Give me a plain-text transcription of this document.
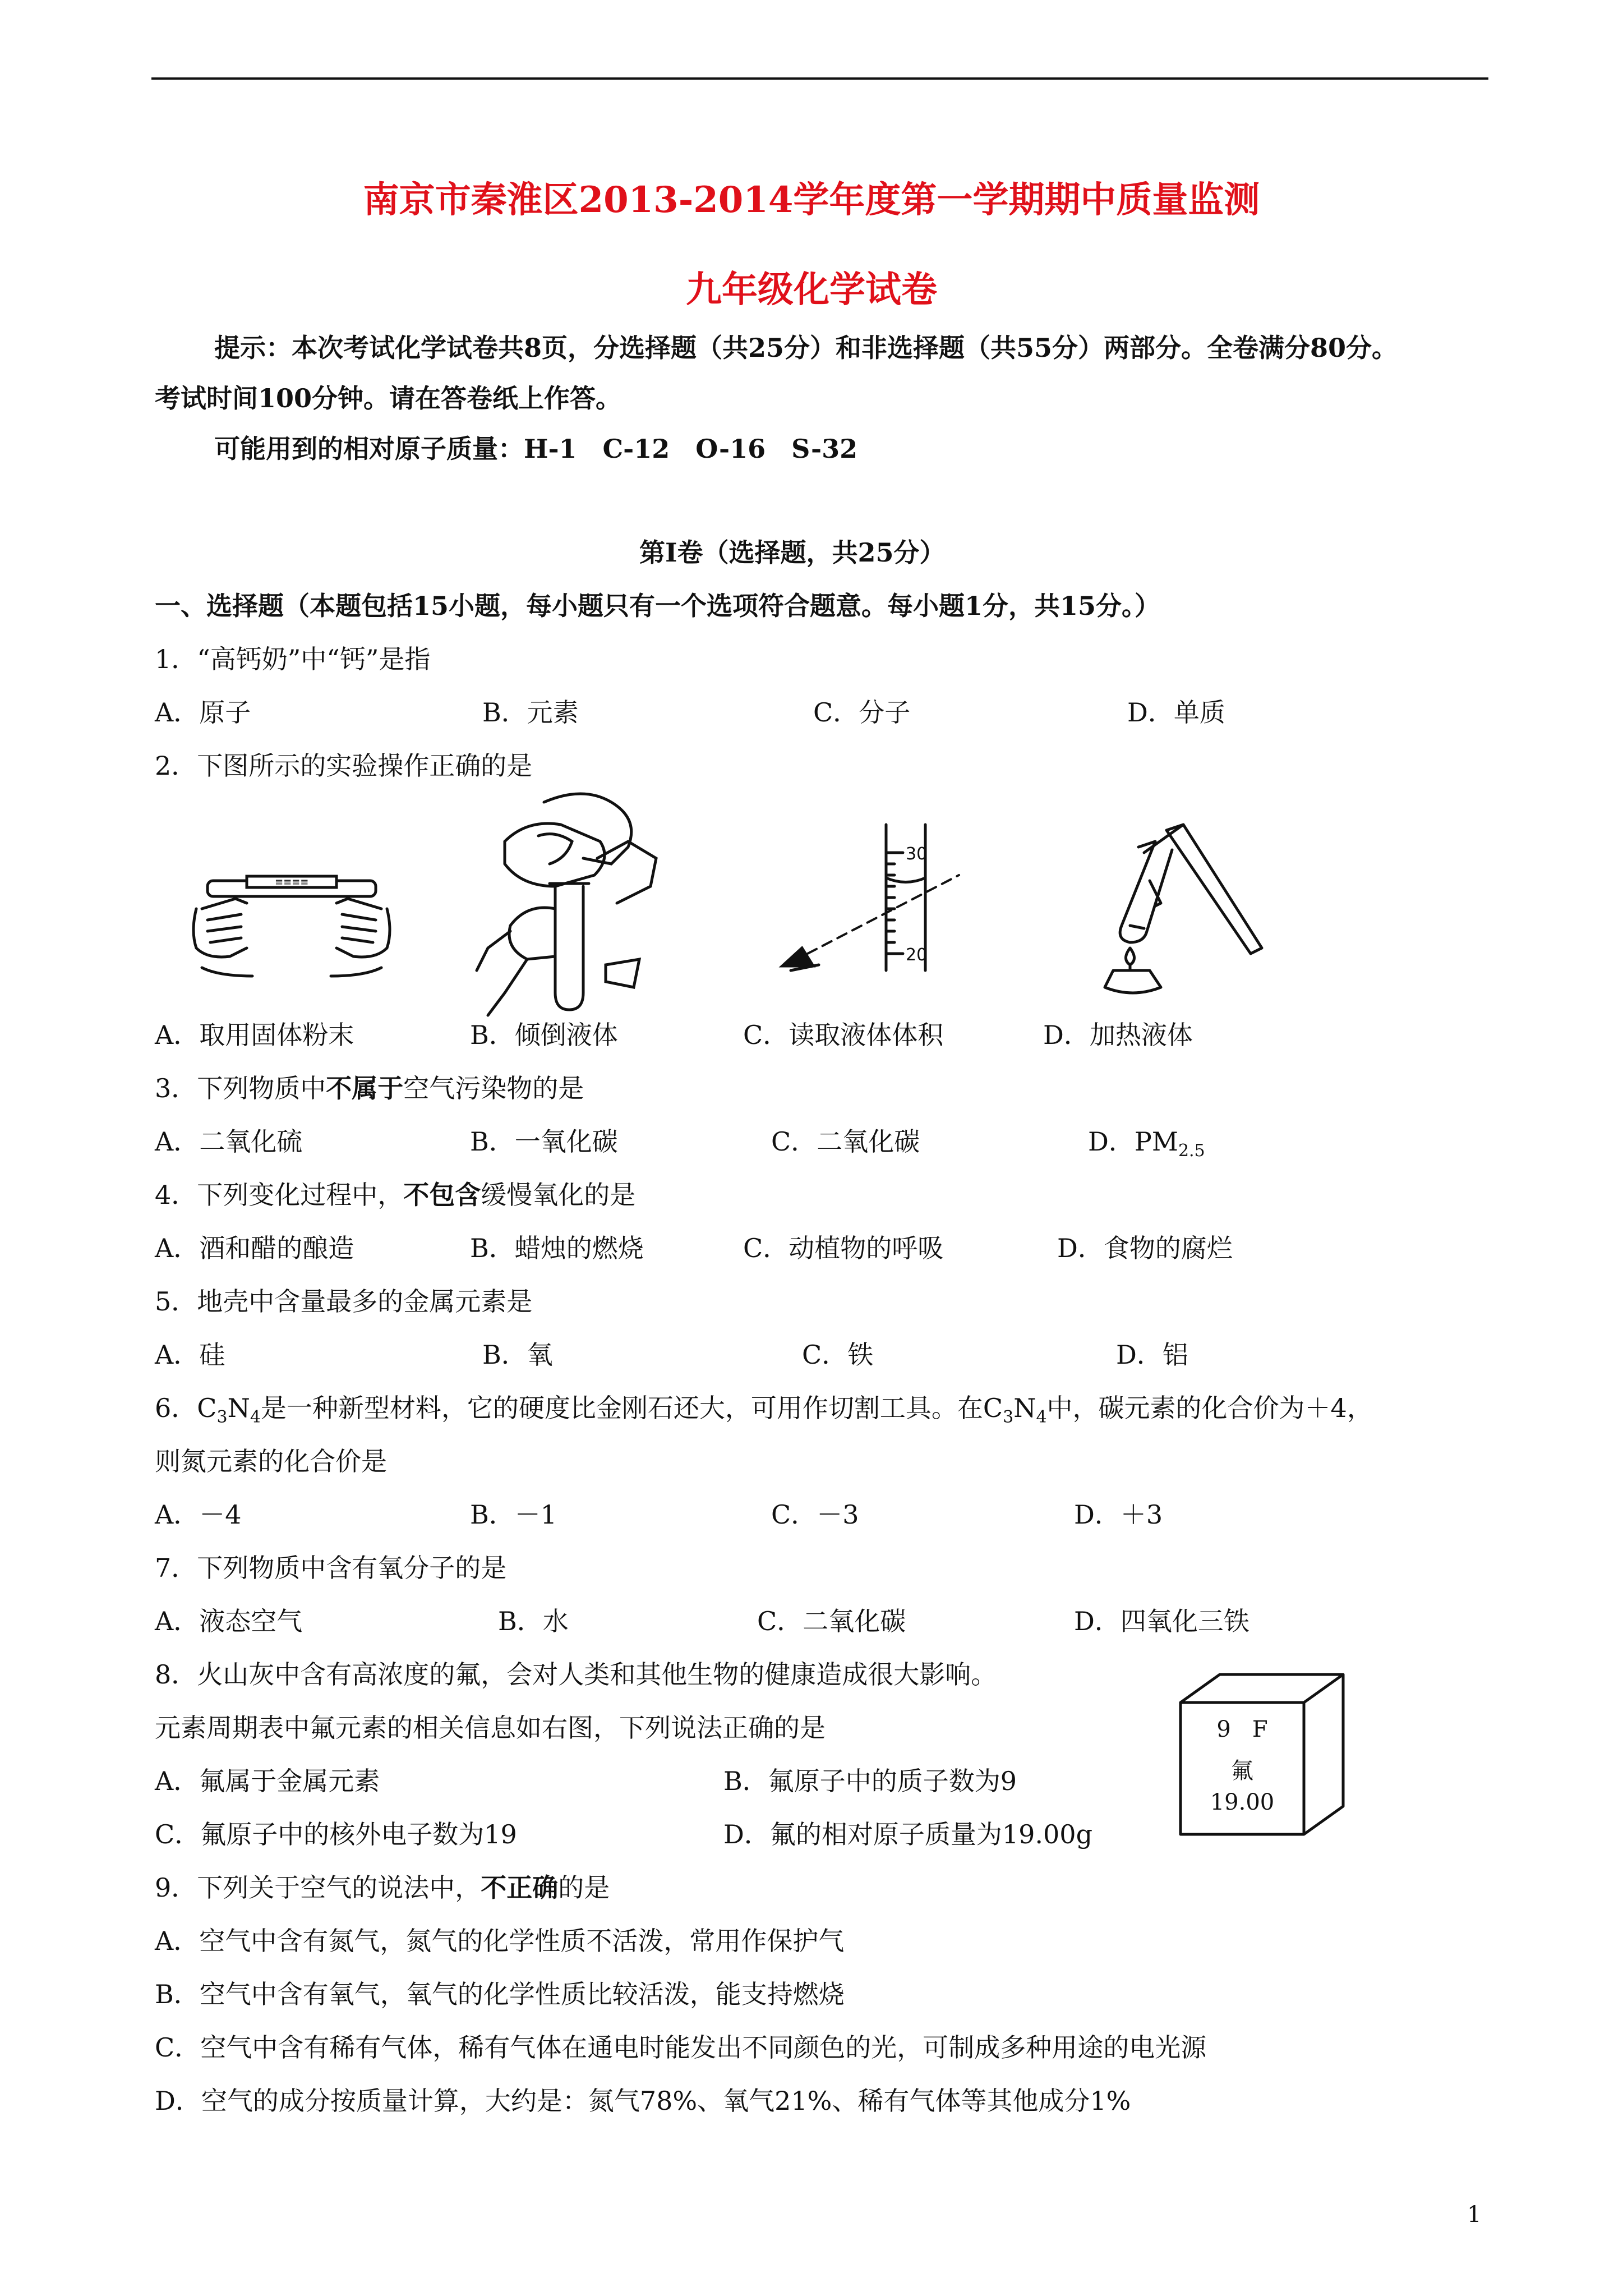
南京市秦淮区2013-2014学年度第一学期期中质量监测
九年级化学试卷
提示：本次考试化学试卷共8页，分选择题（共25分）和非选择题（共55分）两部分。全卷满分80分。
考试时间100分钟。请在答卷纸上作答。
可能用到的相对原子质量：H-1　C-12　O-16　S-32
第Ⅰ卷（选择题，共25分）
一、选择题（本题包括15小题，每小题只有一个选项符合题意。每小题1分，共15分。）
1．“高钙奶”中“钙”是指
A．原子	B．元素	C．分子	D．单质
2．下图所示的实验操作正确的是
≡≡≡≡
30
20
A．取用固体粉末	B．倾倒液体	C．读取液体体积	D．加热液体
3．下列物质中不属于空气污染物的是
A．二氧化硫	B．一氧化碳	C．二氧化碳	D．$PM_{2.5}$
4．下列变化过程中，不包含缓慢氧化的是
A．酒和醋的酿造	B．蜡烛的燃烧	C．动植物的呼吸	D．食物的腐烂
5．地壳中含量最多的金属元素是
A．硅	B．氧	C．铁	D．铝
6．$C_3N_4$是一种新型材料，它的硬度比金刚石还大，可用作切割工具。在$C_3N_4$中，碳元素的化合价为＋4，
则氮元素的化合价是
A．－4	B．－1	C．－3	D．＋3
7．下列物质中含有氧分子的是
A．液态空气	B．水	C．二氧化碳	D．四氧化三铁
8．火山灰中含有高浓度的氟，会对人类和其他生物的健康造成很大影响。
元素周期表中氟元素的相关信息如右图，下列说法正确的是
A．氟属于金属元素	B．氟原子中的质子数为9
C．氟原子中的核外电子数为19	D．氟的相对原子质量为19.00g
9 F
氟
19.00
9．下列关于空气的说法中，不正确的是
A．空气中含有氮气，氮气的化学性质不活泼，常用作保护气
B．空气中含有氧气，氧气的化学性质比较活泼，能支持燃烧
C．空气中含有稀有气体，稀有气体在通电时能发出不同颜色的光，可制成多种用途的电光源
D．空气的成分按质量计算，大约是：氮气78%、氧气21%、稀有气体等其他成分1%
1
